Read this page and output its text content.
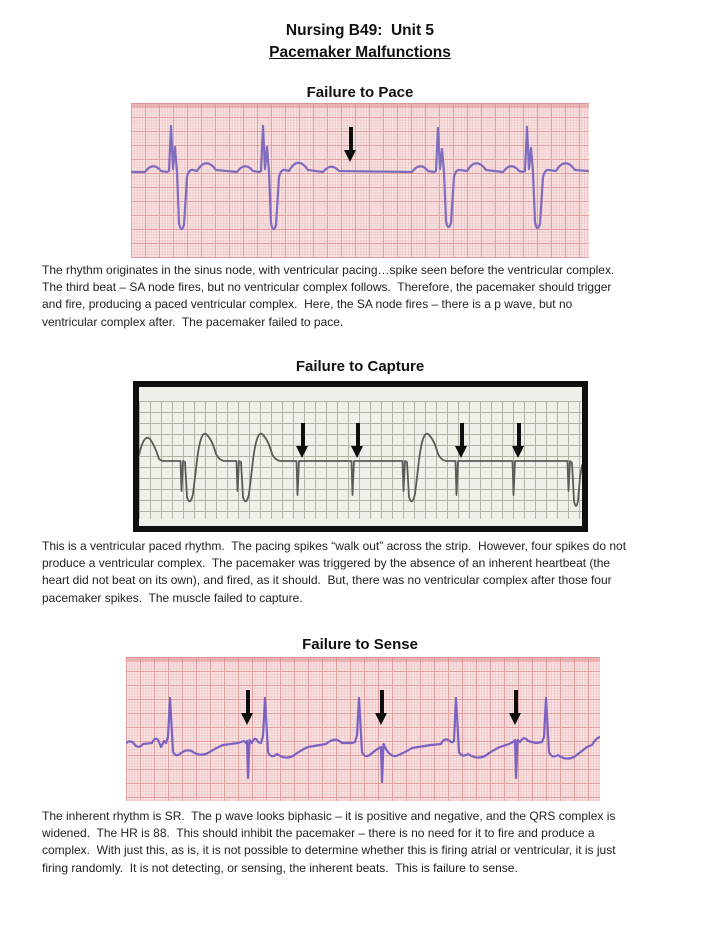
Nursing B49:  Unit 5
Pacemaker Malfunctions
Failure to Pace
The rhythm originates in the sinus node, with ventricular pacing…spike seen before the ventricular complex.
The third beat – SA node fires, but no ventricular complex follows.  Therefore, the pacemaker should trigger
and fire, producing a paced ventricular complex.  Here, the SA node fires – there is a p wave, but no
ventricular complex after.  The pacemaker failed to pace.
Failure to Capture
This is a ventricular paced rhythm.  The pacing spikes “walk out” across the strip.  However, four spikes do not
produce a ventricular complex.  The pacemaker was triggered by the absence of an inherent heartbeat (the
heart did not beat on its own), and fired, as it should.  But, there was no ventricular complex after those four
pacemaker spikes.  The muscle failed to capture.
Failure to Sense
The inherent rhythm is SR.  The p wave looks biphasic – it is positive and negative, and the QRS complex is
widened.  The HR is 88.  This should inhibit the pacemaker – there is no need for it to fire and produce a
complex.  With just this, as is, it is not possible to determine whether this is firing atrial or ventricular, it is just
firing randomly.  It is not detecting, or sensing, the inherent beats.  This is failure to sense.
